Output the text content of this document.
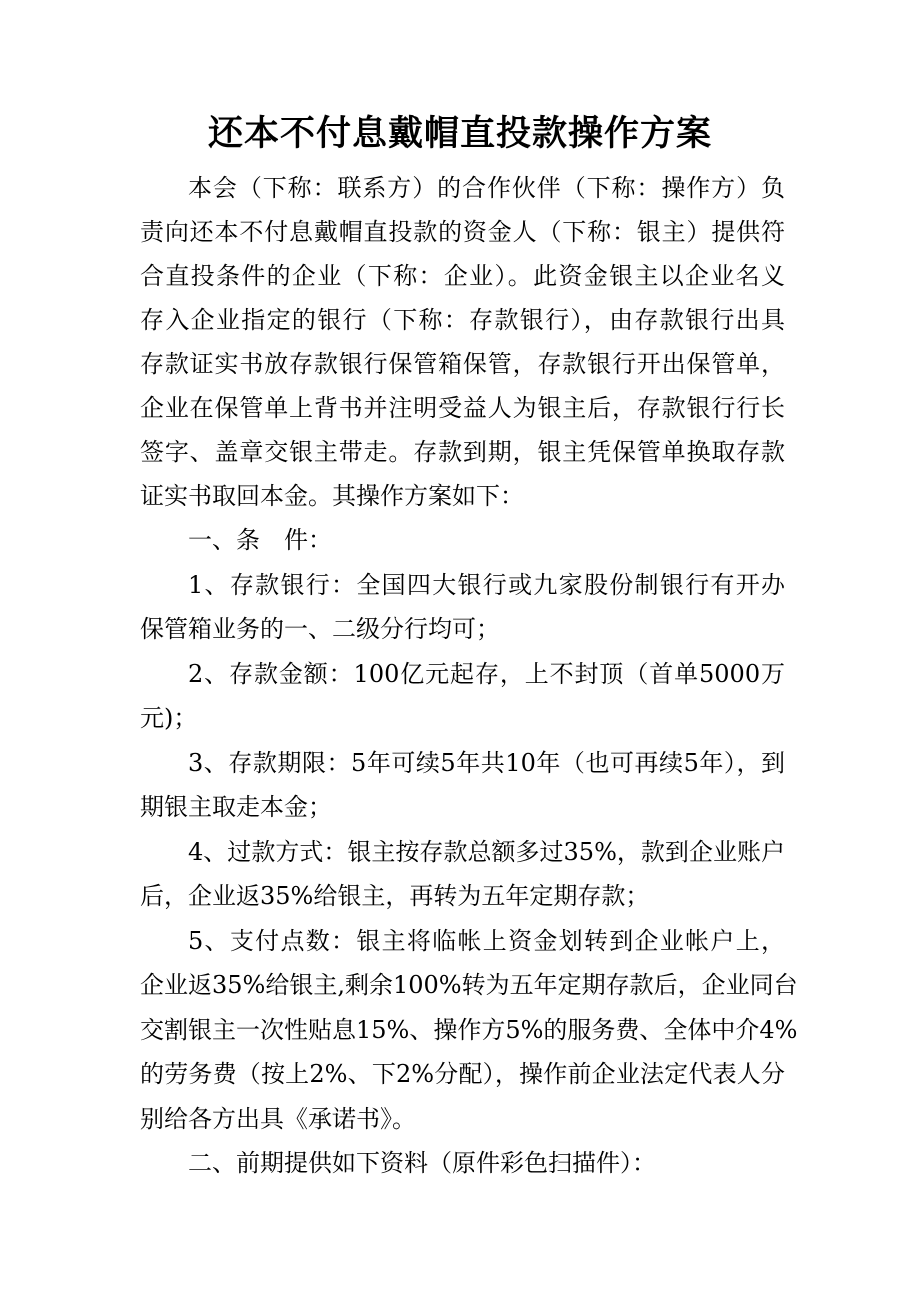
还本不付息戴帽直投款操作方案
本会（下称：联系方）的合作伙伴（下称：操作方）负
责向还本不付息戴帽直投款的资金人（下称：银主）提供符
合直投条件的企业（下称：企业）。此资金银主以企业名义
存入企业指定的银行（下称：存款银行），由存款银行出具
存款证实书放存款银行保管箱保管，存款银行开出保管单，
企业在保管单上背书并注明受益人为银主后，存款银行行长
签字、盖章交银主带走。存款到期，银主凭保管单换取存款
证实书取回本金。其操作方案如下：
一、条　件：
1、存款银行：全国四大银行或九家股份制银行有开办
保管箱业务的一、二级分行均可；
2、存款金额：100亿元起存，上不封顶（首单5000万
元)；
3、存款期限：5年可续5年共10年（也可再续5年），到
期银主取走本金；
4、过款方式：银主按存款总额多过35%，款到企业账户
后，企业返35%给银主，再转为五年定期存款；
5、支付点数：银主将临帐上资金划转到企业帐户上，
企业返35%给银主,剩余100%转为五年定期存款后，企业同台
交割银主一次性贴息15%、操作方5%的服务费、全体中介4%
的劳务费（按上2%、下2%分配），操作前企业法定代表人分
别给各方出具《承诺书》。
二、前期提供如下资料（原件彩色扫描件）：
